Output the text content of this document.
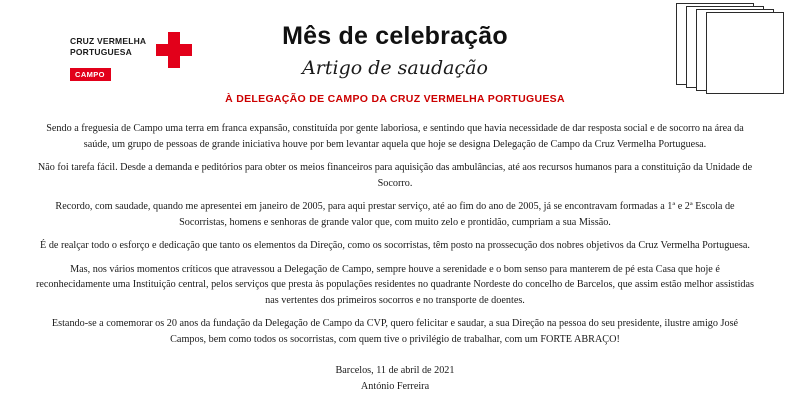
CRUZ VERMELHA
PORTUGUESA
CAMPO
Mês de celebração
Artigo de saudação
À DELEGAÇÃO DE CAMPO DA CRUZ VERMELHA PORTUGUESA

Sendo a freguesia de Campo uma terra em franca expansão, constituída por gente laboriosa, e sentindo que havia necessidade de dar resposta social e de socorro na área da saúde, um grupo de pessoas de grande iniciativa houve por bem levantar aquela que hoje se designa Delegação de Campo da Cruz Vermelha Portuguesa.

Não foi tarefa fácil. Desde a demanda e peditórios para obter os meios financeiros para aquisição das ambulâncias, até aos recursos humanos para a constituição da Unidade de Socorro.

Recordo, com saudade, quando me apresentei em janeiro de 2005, para aqui prestar serviço, até ao fim do ano de 2005, já se encontravam formadas a 1ª e 2ª Escola de Socorristas, homens e senhoras de grande valor que, com muito zelo e prontidão, cumpriam a sua Missão.

É de realçar todo o esforço e dedicação que tanto os elementos da Direção, como os socorristas, têm posto na prossecução dos nobres objetivos da Cruz Vermelha Portuguesa.

Mas, nos vários momentos críticos que atravessou a Delegação de Campo, sempre houve a serenidade e o bom senso para manterem de pé esta Casa que hoje é reconhecidamente uma Instituição central, pelos serviços que presta às populações residentes no quadrante Nordeste do concelho de Barcelos, que assim estão melhor assistidas nas vertentes dos primeiros socorros e no transporte de doentes.

Estando-se a comemorar os 20 anos da fundação da Delegação de Campo da CVP, quero felicitar e saudar, a sua Direção na pessoa do seu presidente, ilustre amigo José Campos, bem como todos os socorristas, com quem tive o privilégio de trabalhar, com um FORTE ABRAÇO!

Barcelos, 11 de abril de 2021
António Ferreira
